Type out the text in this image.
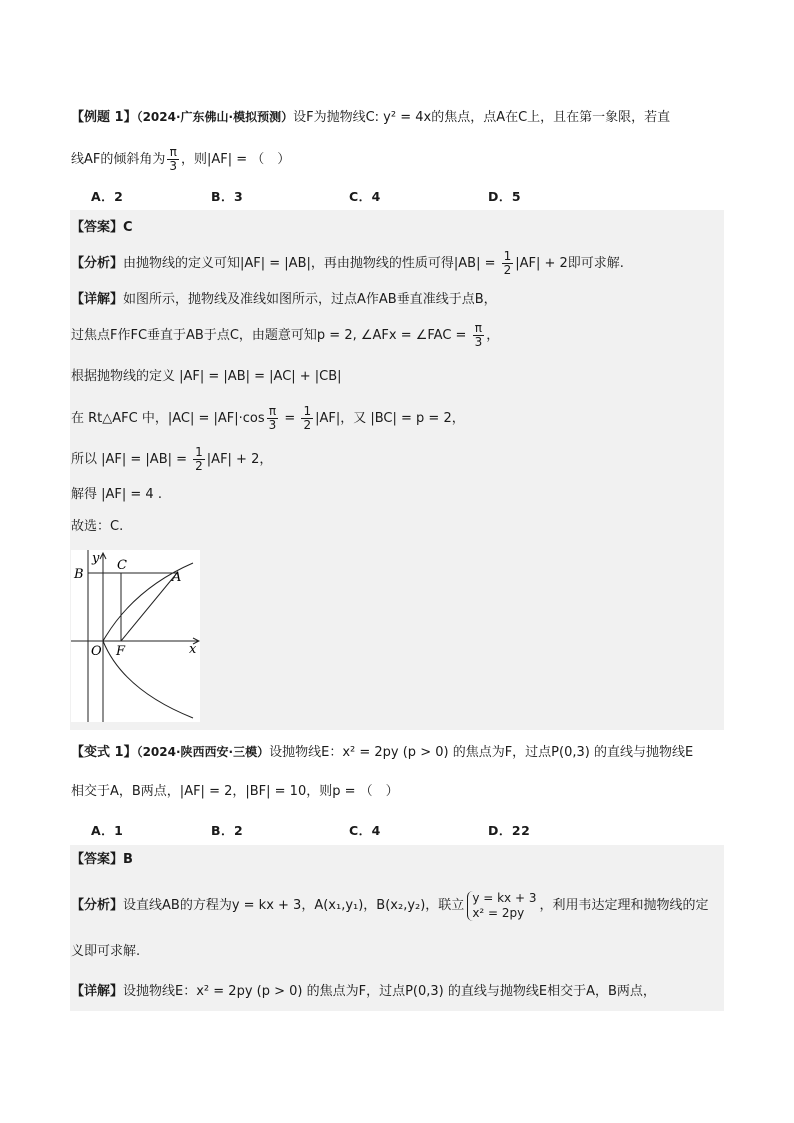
【例题 1】（2024·广东佛山·模拟预测）设F为抛物线C: y² = 4x的焦点，点A在C上，且在第一象限，若直
线AF的倾斜角为 $\frac{\pi}{3}$ ，则|AF| = （　）
A．2	B．3	C．4	D．5
【答案】C
【分析】由抛物线的定义可知|AF| = |AB|，再由抛物线的性质可得$|AB| = \frac{1}{2} |AF| + 2$即可求解.
【详解】如图所示，抛物线及准线如图所示，过点A作AB垂直准线于点B，
过焦点F作FC垂直于AB于点C，由题意可知p = 2, ∠AFx = ∠FAC = $\frac{\pi}{3}$ ，
根据抛物线的定义 |AF| = |AB| = |AC| + |CB|
在 Rt△AFC 中，$|AC| = |AF|\cdot\cos \frac{\pi}{3} = \frac{1}{2} |AF|$，又 |BC| = p = 2，
所以 $|AF| = |AB| = \frac{1}{2} |AF| + 2$，
解得 |AF| = 4 .
故选：C.
y
x
B
C
A
O F
【变式 1】（2024·陕西西安·三模）设抛物线E：x² = 2py (p > 0) 的焦点为F，过点P(0,3) 的直线与抛物线E
相交于A，B两点，|AF| = 2，|BF| = 10，则p = （　）
A．1	B．2	C．4	D．22
【答案】B
【分析】设直线AB的方程为y = kx + 3，A(x₁,y₁)，B(x₂,y₂)，联立
y = kx + 3
x² = 2py	，利用韦达定理和抛物线的定
义即可求解.
【详解】设抛物线E：x² = 2py (p > 0) 的焦点为F，过点P(0,3) 的直线与抛物线E相交于A，B两点，
